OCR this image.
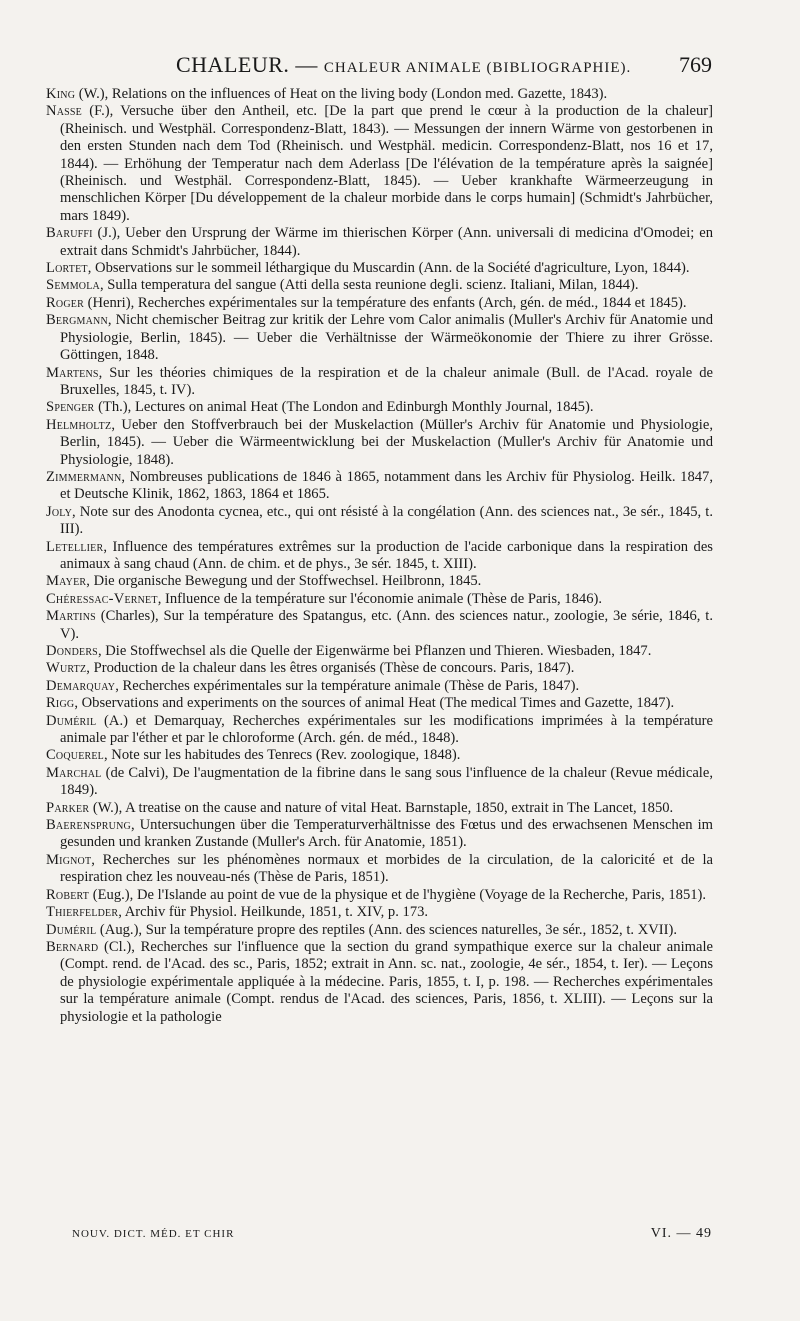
CHALEUR. — CHALEUR ANIMALE (BIBLIOGRAPHIE). 769

King (W.), Relations on the influences of Heat on the living body (London med. Gazette, 1843).

Nasse (F.), Versuche über den Antheil, etc. [De la part que prend le cœur à la production de la chaleur] (Rheinisch. und Westphäl. Correspondenz-Blatt, 1843). — Messungen der innern Wärme von gestorbenen in den ersten Stunden nach dem Tod (Rheinisch. und Westphäl. medicin. Correspondenz-Blatt, nos 16 et 17, 1844). — Erhöhung der Temperatur nach dem Aderlass [De l'élévation de la température après la saignée] (Rheinisch. und Westphäl. Correspondenz-Blatt, 1845). — Ueber krankhafte Wärmeerzeugung in menschlichen Körper [Du développement de la chaleur morbide dans le corps humain] (Schmidt's Jahrbücher, mars 1849).

Baruffi (J.), Ueber den Ursprung der Wärme im thierischen Körper (Ann. universali di medicina d'Omodei; en extrait dans Schmidt's Jahrbücher, 1844).

Lortet, Observations sur le sommeil léthargique du Muscardin (Ann. de la Société d'agriculture, Lyon, 1844).

Semmola, Sulla temperatura del sangue (Atti della sesta reunione degli. scienz. Italiani, Milan, 1844).

Roger (Henri), Recherches expérimentales sur la température des enfants (Arch, gén. de méd., 1844 et 1845).

Bergmann, Nicht chemischer Beitrag zur kritik der Lehre vom Calor animalis (Muller's Archiv für Anatomie und Physiologie, Berlin, 1845). — Ueber die Verhältnisse der Wärmeökonomie der Thiere zu ihrer Grösse. Göttingen, 1848.

Martens, Sur les théories chimiques de la respiration et de la chaleur animale (Bull. de l'Acad. royale de Bruxelles, 1845, t. IV).

Spenger (Th.), Lectures on animal Heat (The London and Edinburgh Monthly Journal, 1845).

Helmholtz, Ueber den Stoffverbrauch bei der Muskelaction (Müller's Archiv für Anatomie und Physiologie, Berlin, 1845). — Ueber die Wärmeentwicklung bei der Muskelaction (Muller's Archiv für Anatomie und Physiologie, 1848).

Zimmermann, Nombreuses publications de 1846 à 1865, notamment dans les Archiv für Physiolog. Heilk. 1847, et Deutsche Klinik, 1862, 1863, 1864 et 1865.

Joly, Note sur des Anodonta cycnea, etc., qui ont résisté à la congélation (Ann. des sciences nat., 3e sér., 1845, t. III).

Letellier, Influence des températures extrêmes sur la production de l'acide carbonique dans la respiration des animaux à sang chaud (Ann. de chim. et de phys., 3e sér. 1845, t. XIII).

Mayer, Die organische Bewegung und der Stoffwechsel. Heilbronn, 1845.

Chéressac-Vernet, Influence de la température sur l'économie animale (Thèse de Paris, 1846).

Martins (Charles), Sur la température des Spatangus, etc. (Ann. des sciences natur., zoologie, 3e série, 1846, t. V).

Donders, Die Stoffwechsel als die Quelle der Eigenwärme bei Pflanzen und Thieren. Wiesbaden, 1847.

Wurtz, Production de la chaleur dans les êtres organisés (Thèse de concours. Paris, 1847).

Demarquay, Recherches expérimentales sur la température animale (Thèse de Paris, 1847).

Rigg, Observations and experiments on the sources of animal Heat (The medical Times and Gazette, 1847).

Duméril (A.) et Demarquay, Recherches expérimentales sur les modifications imprimées à la température animale par l'éther et par le chloroforme (Arch. gén. de méd., 1848).

Coquerel, Note sur les habitudes des Tenrecs (Rev. zoologique, 1848).

Marchal (de Calvi), De l'augmentation de la fibrine dans le sang sous l'influence de la chaleur (Revue médicale, 1849).

Parker (W.), A treatise on the cause and nature of vital Heat. Barnstaple, 1850, extrait in The Lancet, 1850.

Baerensprung, Untersuchungen über die Temperaturverhältnisse des Fœtus und des erwachsenen Menschen im gesunden und kranken Zustande (Muller's Arch. für Anatomie, 1851).

Mignot, Recherches sur les phénomènes normaux et morbides de la circulation, de la caloricité et de la respiration chez les nouveau-nés (Thèse de Paris, 1851).

Robert (Eug.), De l'Islande au point de vue de la physique et de l'hygiène (Voyage de la Recherche, Paris, 1851).

Thierfelder, Archiv für Physiol. Heilkunde, 1851, t. XIV, p. 173.

Duméril (Aug.), Sur la température propre des reptiles (Ann. des sciences naturelles, 3e sér., 1852, t. XVII).

Bernard (Cl.), Recherches sur l'influence que la section du grand sympathique exerce sur la chaleur animale (Compt. rend. de l'Acad. des sc., Paris, 1852; extrait in Ann. sc. nat., zoologie, 4e sér., 1854, t. Ier). — Leçons de physiologie expérimentale appliquée à la médecine. Paris, 1855, t. I, p. 198. — Recherches expérimentales sur la température animale (Compt. rendus de l'Acad. des sciences, Paris, 1856, t. XLIII). — Leçons sur la physiologie et la pathologie

NOUV. DICT. MÉD. ET CHIR	VI. — 49
